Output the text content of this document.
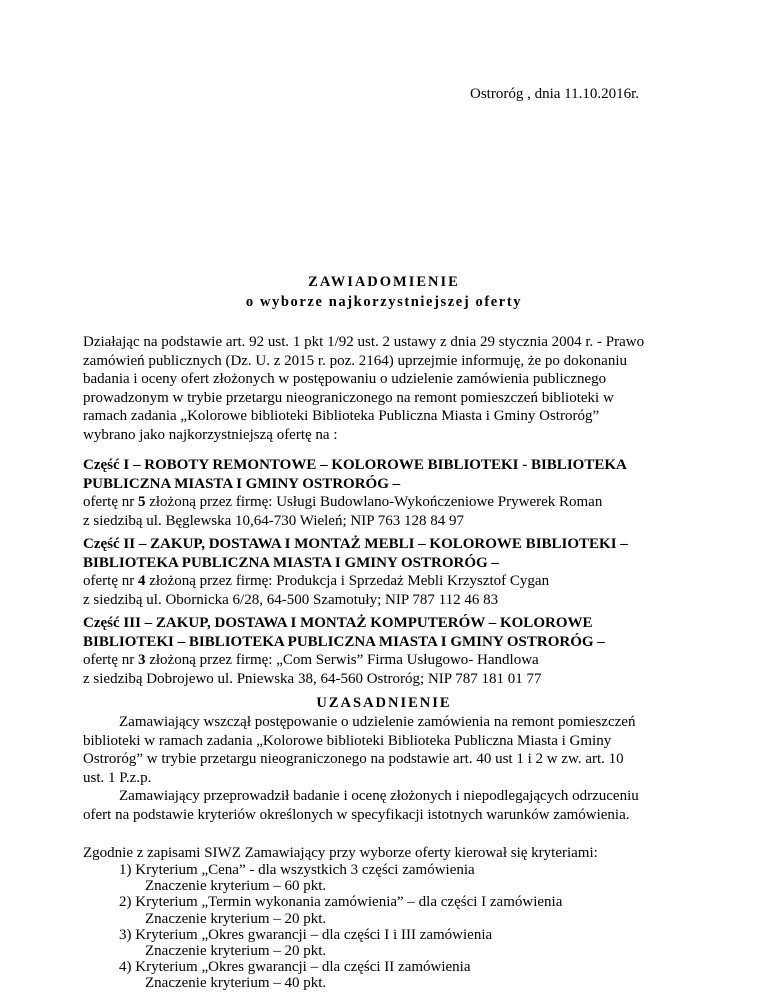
Ostroróg , dnia 11.10.2016r.
ZAWIADOMIENIE
o wyborze najkorzystniejszej oferty
Działając na podstawie art. 92 ust. 1 pkt 1/92 ust. 2 ustawy z dnia 29 stycznia 2004 r. - Prawo
zamówień publicznych (Dz. U. z 2015 r. poz. 2164) uprzejmie informuję, że po dokonaniu
badania i oceny ofert złożonych w postępowaniu o udzielenie zamówienia publicznego
prowadzonym w trybie przetargu nieograniczonego na remont pomieszczeń biblioteki w
ramach zadania „Kolorowe biblioteki Biblioteka Publiczna Miasta i Gminy Ostroróg”
wybrano jako najkorzystniejszą ofertę na :
Część I – ROBOTY REMONTOWE – KOLOROWE BIBLIOTEKI - BIBLIOTEKA
PUBLICZNA MIASTA I GMINY OSTRORÓG –
ofertę nr 5 złożoną przez firmę: Usługi Budowlano-Wykończeniowe Prywerek Roman
z siedzibą ul. Bęglewska 10,64-730 Wieleń; NIP 763 128 84 97
Część II – ZAKUP, DOSTAWA I MONTAŻ MEBLI – KOLOROWE BIBLIOTEKI –
BIBLIOTEKA PUBLICZNA MIASTA I GMINY OSTRORÓG –
ofertę nr 4 złożoną przez firmę: Produkcja i Sprzedaż Mebli Krzysztof Cygan
z siedzibą ul. Obornicka 6/28, 64-500 Szamotuły; NIP 787 112 46 83
Część III – ZAKUP, DOSTAWA I MONTAŻ KOMPUTERÓW – KOLOROWE
BIBLIOTEKI – BIBLIOTEKA PUBLICZNA MIASTA I GMINY OSTRORÓG –
ofertę nr 3 złożoną przez firmę: „Com Serwis” Firma Usługowo- Handlowa
z siedzibą Dobrojewo ul. Pniewska 38, 64-560 Ostroróg; NIP 787 181 01 77
UZASADNIENIE
Zamawiający wszczął postępowanie o udzielenie zamówienia na remont pomieszczeń
biblioteki w ramach zadania „Kolorowe biblioteki Biblioteka Publiczna Miasta i Gminy
Ostroróg” w trybie przetargu nieograniczonego na podstawie art. 40 ust 1 i 2 w zw. art. 10
ust. 1 P.z.p.
Zamawiający przeprowadził badanie i ocenę złożonych i niepodlegających odrzuceniu
ofert na podstawie kryteriów określonych w specyfikacji istotnych warunków zamówienia.
Zgodnie z zapisami SIWZ Zamawiający przy wyborze oferty kierował się kryteriami:
1) Kryterium „Cena” - dla wszystkich 3 części zamówienia
Znaczenie kryterium – 60 pkt.
2) Kryterium „Termin wykonania zamówienia” – dla części I zamówienia
Znaczenie kryterium – 20 pkt.
3) Kryterium „Okres gwarancji – dla części I i III zamówienia
Znaczenie kryterium – 20 pkt.
4) Kryterium „Okres gwarancji – dla części II zamówienia
Znaczenie kryterium – 40 pkt.
